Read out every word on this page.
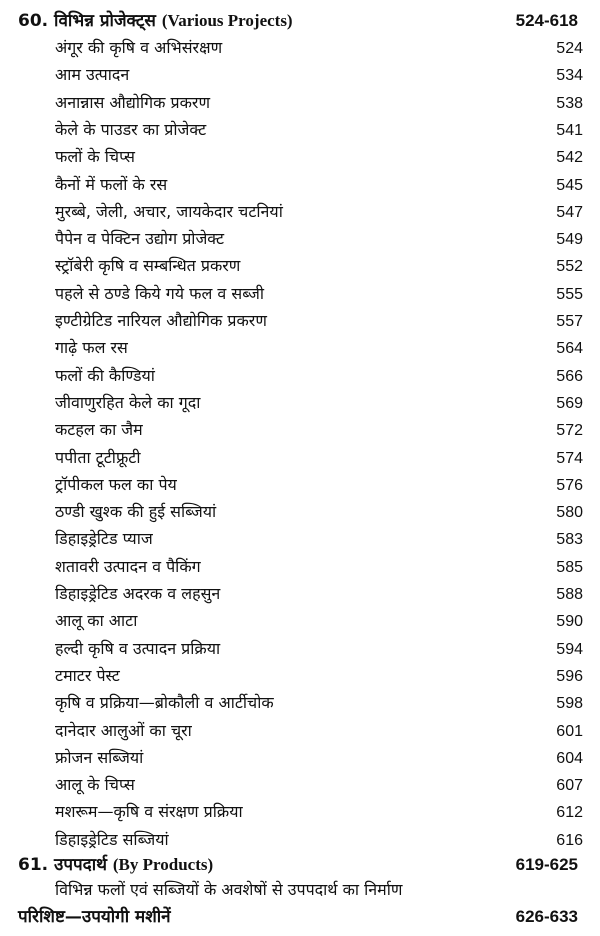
60. विभिन्न प्रोजेक्ट्स (Various Projects)	524-618
अंगूर की कृषि व अभिसंरक्षण	524
आम उत्पादन	534
अनान्नास औद्योगिक प्रकरण	538
केले के पाउडर का प्रोजेक्ट	541
फलों के चिप्स	542
कैनों में फलों के रस	545
मुरब्बे, जेली, अचार, जायकेदार चटनियां	547
पैपेन व पेक्टिन उद्योग प्रोजेक्ट	549
स्ट्रॉबेरी कृषि व सम्बन्धित प्रकरण	552
पहले से ठण्डे किये गये फल व सब्जी	555
इण्टीग्रेटिड नारियल औद्योगिक प्रकरण	557
गाढ़े फल रस	564
फलों की कैण्डियां	566
जीवाणुरहित केले का गूदा	569
कटहल का जैम	572
पपीता टूटीफ्रूटी	574
ट्रॉपीकल फल का पेय	576
ठण्डी खुश्क की हुई सब्जियां	580
डिहाइड्रेटिड प्याज	583
शतावरी उत्पादन व पैकिंग	585
डिहाइड्रेटिड अदरक व लहसुन	588
आलू का आटा	590
हल्दी कृषि व उत्पादन प्रक्रिया	594
टमाटर पेस्ट	596
कृषि व प्रक्रिया—ब्रोकौली व आर्टीचोक	598
दानेदार आलुओं का चूरा	601
फ्रोजन सब्जियां	604
आलू के चिप्स	607
मशरूम—कृषि व संरक्षण प्रक्रिया	612
डिहाइड्रेटिड सब्जियां	616
61. उपपदार्थ (By Products)	619-625
विभिन्न फलों एवं सब्जियों के अवशेषों से उपपदार्थ का निर्माण
परिशिष्ट—उपयोगी मशीनें	626-633
